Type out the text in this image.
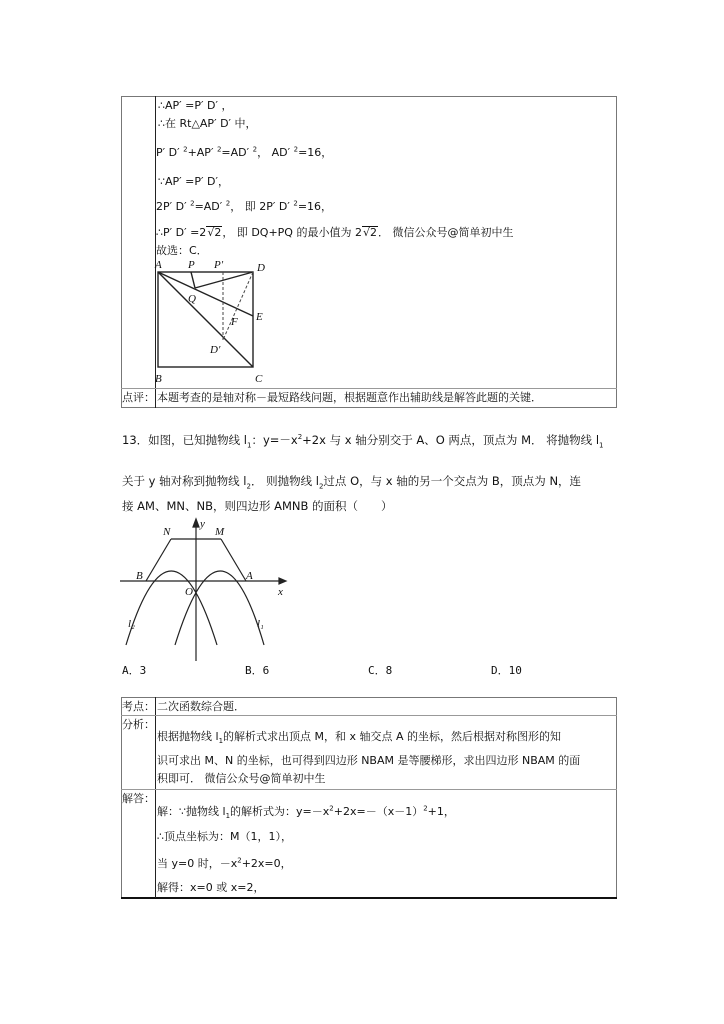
∴AP′ =P′ D′ ，
∴在 Rt△AP′ D′ 中，
P′ D′ $^2$+AP′ $^2$=AD′ $^2$， AD′ $^2$=16，
∵AP′ =P′ D′，
2P′ D′ $^2$=AD′ $^2$， 即 2P′ D′ $^2$=16，
∴P′ D′ =2√2， 即 DQ+PQ 的最小值为 2√2． 微信公众号@简单初中生
故选：C．
A P P′	D
Q
E
F
D′
B	C
点评： 本题考查的是轴对称－最短路线问题，根据题意作出辅助线是解答此题的关键．
13．如图，已知抛物线 $l_1$：$y=-x^2+2x$ 与 x 轴分别交于 A、O 两点，顶点为 M． 将抛物线 $l_1$
关于 y 轴对称到抛物线 $l_2$． 则抛物线 $l_2$过点 O，与 x 轴的另一个交点为 B，顶点为 N，连
接 AM、MN、NB，则四边形 AMNB 的面积（　　）
y
x
N	M
B	A
O
l₂	l₁
A．3	B．6	C．8	D．10
考点： 二次函数综合题．
分析：
根据抛物线 $l_1$的解析式求出顶点 M，和 x 轴交点 A 的坐标，然后根据对称图形的知
识可求出 M、N 的坐标，也可得到四边形 NBAM 是等腰梯形，求出四边形 NBAM 的面
积即可． 微信公众号@简单初中生
解答：
解：∵抛物线 $l_1$的解析式为：$y=-x^2+2x=-(x-1)^2+1$，
∴顶点坐标为：M（1，1），
当 y=0 时，$-x^2+2x=0$，
解得：x=0 或 x=2，
